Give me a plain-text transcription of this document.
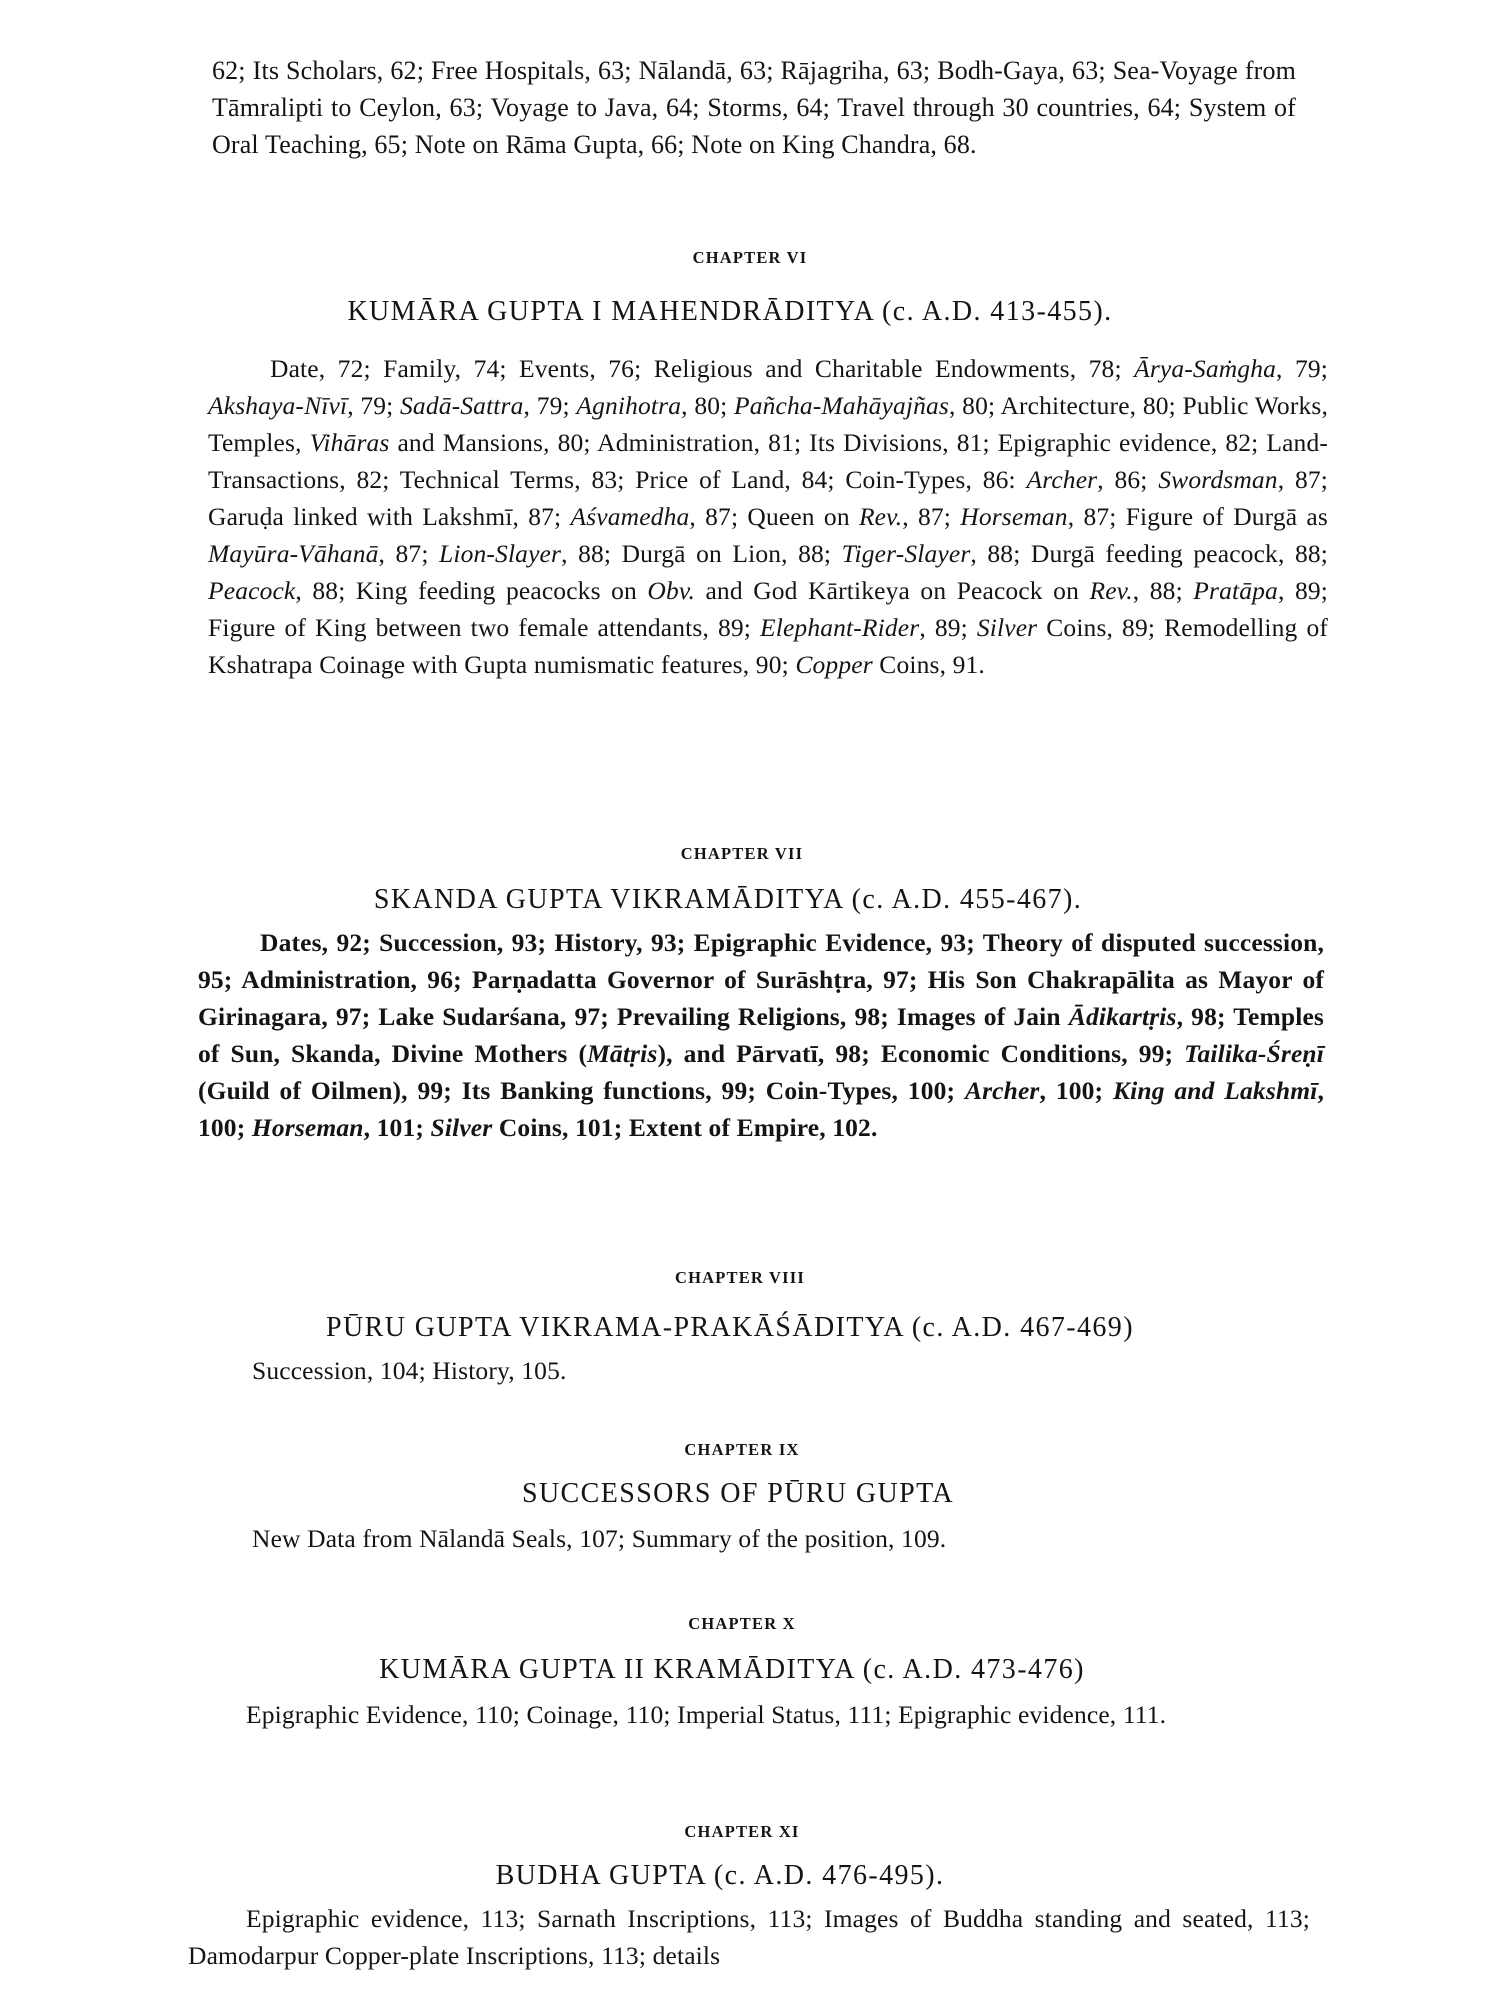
62; Its Scholars, 62; Free Hospitals, 63; Nālandā, 63; Rājagriha, 63; Bodh-Gaya, 63; Sea-Voyage from Tāmralipti to Ceylon, 63; Voyage to Java, 64; Storms, 64; Travel through 30 countries, 64; System of Oral Teaching, 65; Note on Rāma Gupta, 66; Note on King Chandra, 68.

CHAPTER VI
KUMĀRA GUPTA I MAHENDRĀDITYA (c. A.D. 413-455).

Date, 72; Family, 74; Events, 76; Religious and Charitable Endowments, 78; Ārya-Saṁgha, 79; Akshaya-Nīvī, 79; Sadā-Sattra, 79; Agnihotra, 80; Pañcha-Mahāyajñas, 80; Architecture, 80; Public Works, Temples, Vihāras and Mansions, 80; Administration, 81; Its Divisions, 81; Epigraphic evidence, 82; Land-Transactions, 82; Technical Terms, 83; Price of Land, 84; Coin-Types, 86: Archer, 86; Swordsman, 87; Garuḍa linked with Lakshmī, 87; Aśvamedha, 87; Queen on Rev., 87; Horseman, 87; Figure of Durgā as Mayūra-Vāhanā, 87; Lion-Slayer, 88; Durgā on Lion, 88; Tiger-Slayer, 88; Durgā feeding peacock, 88; Peacock, 88; King feeding peacocks on Obv. and God Kārtikeya on Peacock on Rev., 88; Pratāpa, 89; Figure of King between two female attendants, 89; Elephant-Rider, 89; Silver Coins, 89; Remodelling of Kshatrapa Coinage with Gupta numismatic features, 90; Copper Coins, 91.

CHAPTER VII
SKANDA GUPTA VIKRAMĀDITYA (c. A.D. 455-467).

Dates, 92; Succession, 93; History, 93; Epigraphic Evidence, 93; Theory of disputed succession, 95; Administration, 96; Parṇadatta Governor of Surāshṭra, 97; His Son Chakrapālita as Mayor of Girinagara, 97; Lake Sudarśana, 97; Prevailing Religions, 98; Images of Jain Ādikartṛis, 98; Temples of Sun, Skanda, Divine Mothers (Mātṛis), and Pārvatī, 98; Economic Conditions, 99; Tailika-Śreṇī (Guild of Oilmen), 99; Its Banking functions, 99; Coin-Types, 100; Archer, 100; King and Lakshmī, 100; Horseman, 101; Silver Coins, 101; Extent of Empire, 102.

CHAPTER VIII
PŪRU GUPTA VIKRAMA-PRAKĀŚĀDITYA (c. A.D. 467-469)

Succession, 104; History, 105.

CHAPTER IX
SUCCESSORS OF PŪRU GUPTA

New Data from Nālandā Seals, 107; Summary of the position, 109.

CHAPTER X
KUMĀRA GUPTA II KRAMĀDITYA (c. A.D. 473-476)

Epigraphic Evidence, 110; Coinage, 110; Imperial Status, 111; Epigraphic evidence, 111.

CHAPTER XI
BUDHA GUPTA (c. A.D. 476-495).

Epigraphic evidence, 113; Sarnath Inscriptions, 113; Images of Buddha standing and seated, 113; Damodarpur Copper-plate Inscriptions, 113; details
